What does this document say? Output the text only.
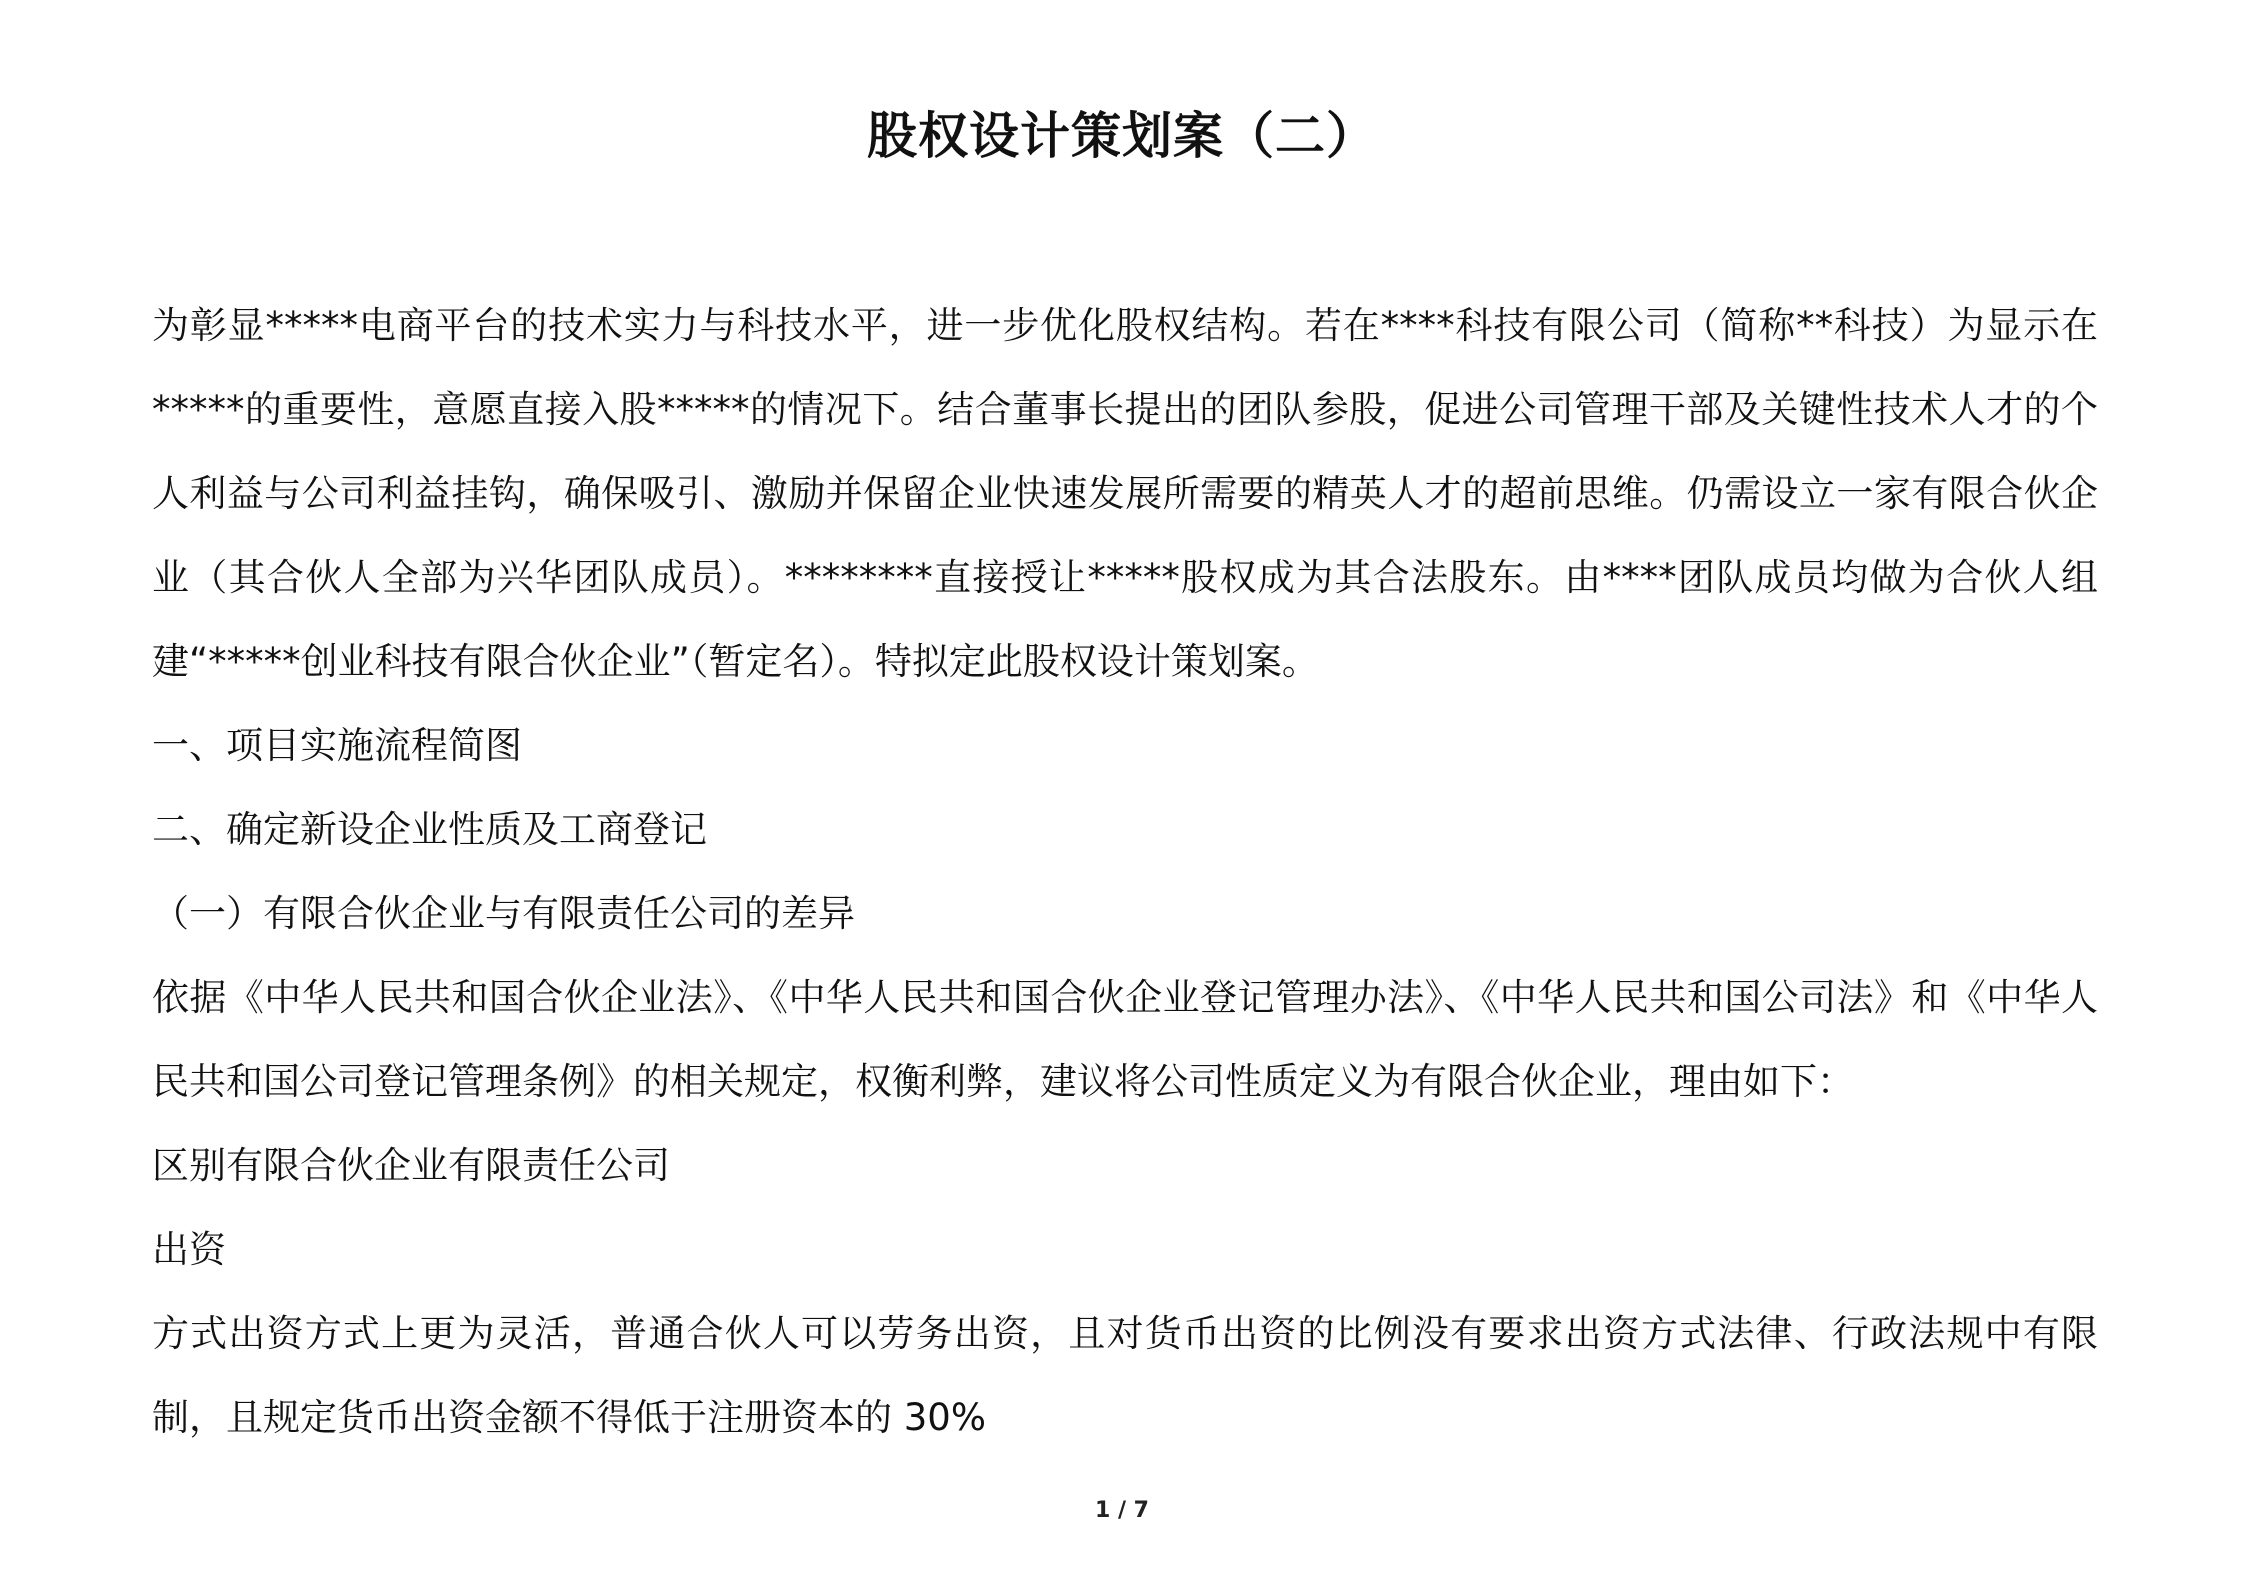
股权设计策划案（二）

为彰显*****电商平台的技术实力与科技水平，进一步优化股权结构。若在****科技有限公司（简称**科技）为显示在*****的重要性，意愿直接入股*****的情况下。结合董事长提出的团队参股，促进公司管理干部及关键性技术人才的个人利益与公司利益挂钩，确保吸引、激励并保留企业快速发展所需要的精英人才的超前思维。仍需设立一家有限合伙企业（其合伙人全部为兴华团队成员）。********直接授让*****股权成为其合法股东。由****团队成员均做为合伙人组建“*****创业科技有限合伙企业”（暂定名）。特拟定此股权设计策划案。

一、项目实施流程简图

二、确定新设企业性质及工商登记

（一）有限合伙企业与有限责任公司的差异

依据《中华人民共和国合伙企业法》、《中华人民共和国合伙企业登记管理办法》、《中华人民共和国公司法》和《中华人民共和国公司登记管理条例》的相关规定，权衡利弊，建议将公司性质定义为有限合伙企业，理由如下：

区别有限合伙企业有限责任公司

出资

方式出资方式上更为灵活，普通合伙人可以劳务出资，且对货币出资的比例没有要求出资方式法律、行政法规中有限制，且规定货币出资金额不得低于注册资本的 30%

1 / 7
